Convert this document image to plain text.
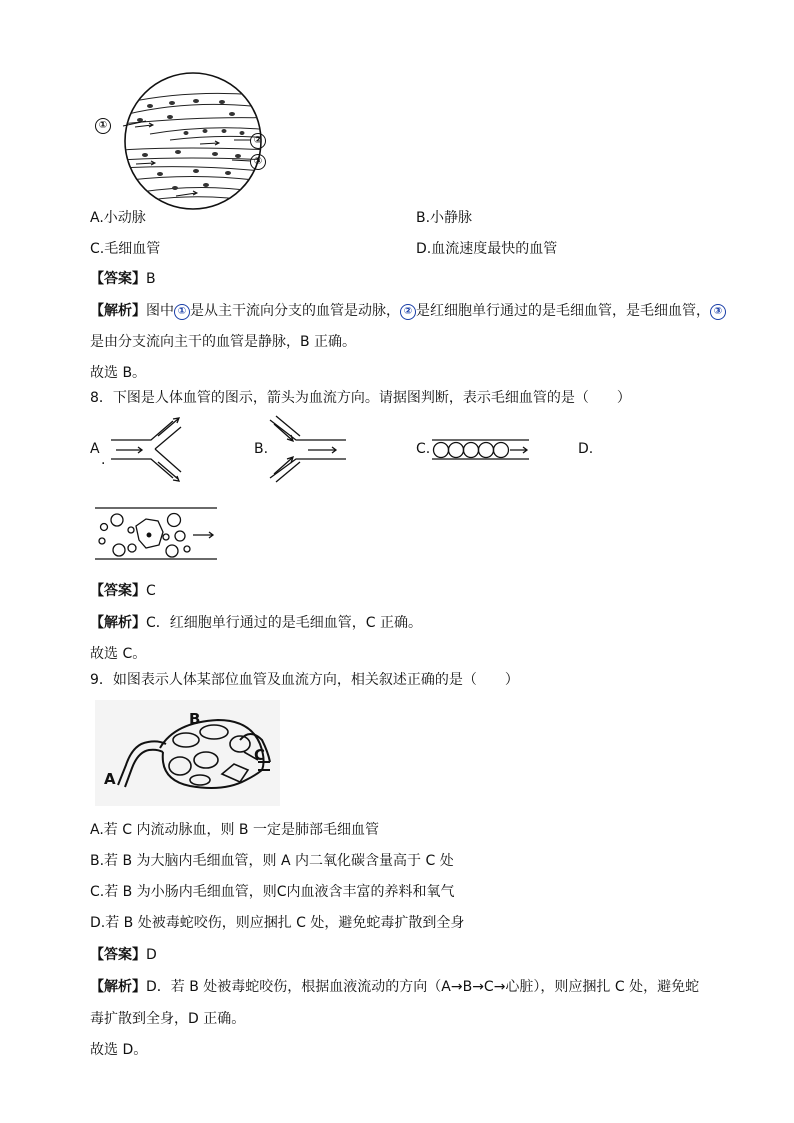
①
②
③
A.小动脉	B.小静脉
C.毛细血管	D.血流速度最快的血管
【答案】B
【解析】图中 ① 是从主干流向分支的血管是动脉， ② 是红细胞单行通过的是毛细血管，是毛细血管， ③
是由分支流向主干的血管是静脉，B 正确。
故选 B。
8．下图是人体血管的图示，箭头为血流方向。请据图判断，表示毛细血管的是（　　）
A
.
B.	C.	D.
【答案】C
【解析】C．红细胞单行通过的是毛细血管，C 正确。
故选 C。
9．如图表示人体某部位血管及血流方向，相关叙述正确的是（　　）
A
B
C
A.若 C 内流动脉血，则 B 一定是肺部毛细血管
B.若 B 为大脑内毛细血管，则 A 内二氧化碳含量高于 C 处
C.若 B 为小肠内毛细血管，则C内血液含丰富的养料和氧气
D.若 B 处被毒蛇咬伤，则应捆扎 C 处，避免蛇毒扩散到全身
【答案】D
【解析】D．若 B 处被毒蛇咬伤，根据血液流动的方向（A→B→C→心脏），则应捆扎 C 处，避免蛇
毒扩散到全身，D 正确。
故选 D。
